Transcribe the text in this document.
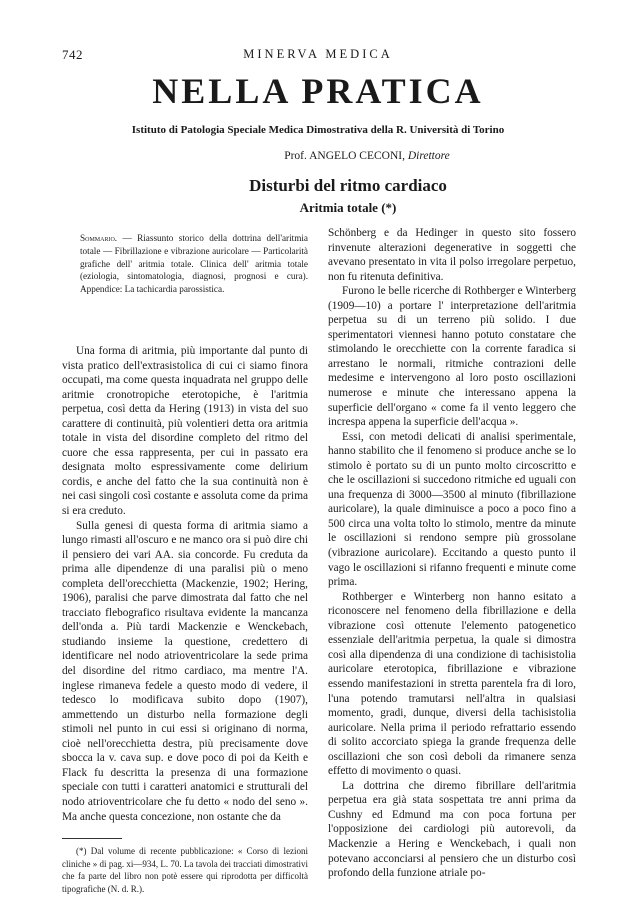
742	MINERVA MEDICA
NELLA PRATICA
Istituto di Patologia Speciale Medica Dimostrativa della R. Università di Torino
Prof. ANGELO CECONI, Direttore
Disturbi del ritmo cardiaco
Aritmia totale (*)

Sommario. — Riassunto storico della dottrina dell'aritmia totale — Fibrillazione e vibrazione auricolare — Particolarità grafiche dell' aritmia totale. Clinica dell' aritmia totale (eziologia, sintomatologia, diagnosi, prognosi e cura). Appendice: La tachicardia parossistica.

Una forma di aritmia, più importante dal punto di vista pratico dell'extrasistolica di cui ci siamo finora occupati, ma come questa inquadrata nel gruppo delle aritmie cronotropiche eterotopiche, è l'aritmia perpetua, così detta da Hering (1913) in vista del suo carattere di continuità, più volentieri detta ora aritmia totale in vista del disordine completo del ritmo del cuore che essa rappresenta, per cui in passato era designata molto espressivamente come delirium cordis, e anche del fatto che la sua continuità non è nei casi singoli così costante e assoluta come da prima si era creduto.

Sulla genesi di questa forma di aritmia siamo a lungo rimasti all'oscuro e ne manco ora si può dire chi il pensiero dei vari AA. sia concorde. Fu creduta da prima alle dipendenze di una paralisi più o meno completa dell'orecchietta (Mackenzie, 1902; Hering, 1906), paralisi che parve dimostrata dal fatto che nel tracciato flebografico risultava evidente la mancanza dell'onda a. Più tardi Mackenzie e Wenckebach, studiando insieme la questione, credettero di identificare nel nodo atrioventricolare la sede prima del disordine del ritmo cardiaco, ma mentre l'A. inglese rimaneva fedele a questo modo di vedere, il tedesco lo modificava subito dopo (1907), ammettendo un disturbo nella formazione degli stimoli nel punto in cui essi si originano di norma, cioè nell'orecchietta destra, più precisamente dove sbocca la v. cava sup. e dove poco di poi da Keith e Flack fu descritta la presenza di una formazione speciale con tutti i caratteri anatomici e strutturali del nodo atrioventricolare che fu detto « nodo del seno ». Ma anche questa concezione, non ostante che da

(*) Dal volume di recente pubblicazione: « Corso di lezioni cliniche » di pag. xi—934, L. 70. La tavola dei tracciati dimostrativi che fa parte del libro non potè essere qui riprodotta per difficoltà tipografiche (N. d. R.).

Schönberg e da Hedinger in questo sito fossero rinvenute alterazioni degenerative in soggetti che avevano presentato in vita il polso irregolare perpetuo, non fu ritenuta definitiva.

Furono le belle ricerche di Rothberger e Winterberg (1909—10) a portare l' interpretazione dell'aritmia perpetua su di un terreno più solido. I due sperimentatori viennesi hanno potuto constatare che stimolando le orecchiette con la corrente faradica si arrestano le normali, ritmiche contrazioni delle medesime e intervengono al loro posto oscillazioni numerose e minute che interessano appena la superficie dell'organo « come fa il vento leggero che increspa appena la superficie dell'acqua ».

Essi, con metodi delicati di analisi sperimentale, hanno stabilito che il fenomeno si produce anche se lo stimolo è portato su di un punto molto circoscritto e che le oscillazioni si succedono ritmiche ed uguali con una frequenza di 3000—3500 al minuto (fibrillazione auricolare), la quale diminuisce a poco a poco fino a 500 circa una volta tolto lo stimolo, mentre da minute le oscillazioni si rendono sempre più grossolane (vibrazione auricolare). Eccitando a questo punto il vago le oscillazioni si rifanno frequenti e minute come prima.

Rothberger e Winterberg non hanno esitato a riconoscere nel fenomeno della fibrillazione e della vibrazione così ottenute l'elemento patogenetico essenziale dell'aritmia perpetua, la quale si dimostra così alla dipendenza di una condizione di tachisistolia auricolare eterotopica, fibrillazione e vibrazione essendo manifestazioni in stretta parentela fra di loro, l'una potendo tramutarsi nell'altra in qualsiasi momento, gradi, dunque, diversi della tachisistolia auricolare. Nella prima il periodo refrattario essendo di solito accorciato spiega la grande frequenza delle oscillazioni che son così deboli da rimanere senza effetto di movimento o quasi.

La dottrina che diremo fibrillare dell'aritmia perpetua era già stata sospettata tre anni prima da Cushny ed Edmund ma con poca fortuna per l'opposizione dei cardiologi più autorevoli, da Mackenzie a Hering e Wenckebach, i quali non potevano acconciarsi al pensiero che un disturbo così profondo della funzione atriale po-
